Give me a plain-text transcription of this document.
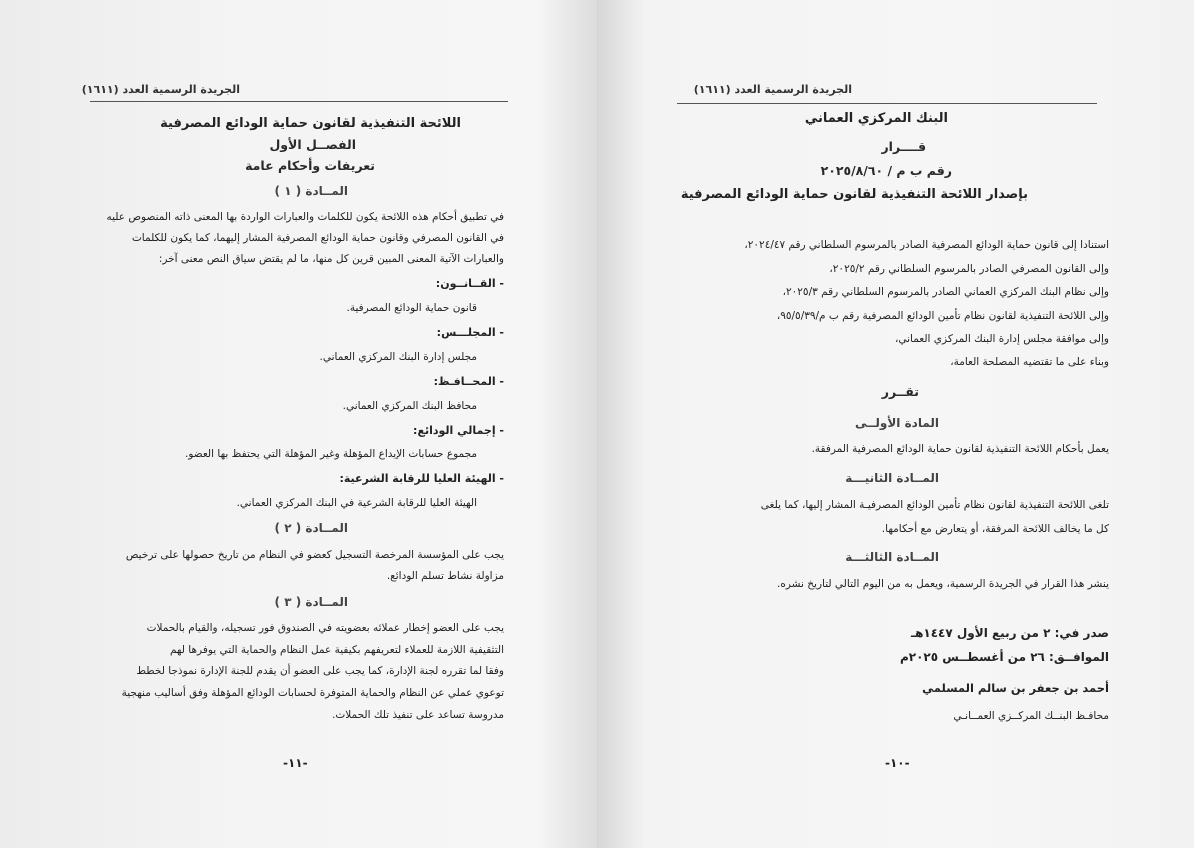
الجريدة الرسمية العدد (١٦١١)
اللائحة التنفيذية لقانون حماية الودائع المصرفية
الفصــل الأول
تعريفات وأحكام عامة
المــادة ( ١ )
في تطبيق أحكام هذه اللائحة يكون للكلمات والعبارات الواردة بها المعنى ذاته المنصوص عليه
في القانون المصرفي وقانون حماية الودائع المصرفية المشار إليهما، كما يكون للكلمات
والعبارات الآتية المعنى المبين قرين كل منها، ما لم يقتض سياق النص معنى آخر:
- القــانــون:
قانون حماية الودائع المصرفية.
- المجلـــس:
مجلس إدارة البنك المركزي العماني.
- المحــافـظ:
محافظ البنك المركزي العماني.
- إجمالي الودائع:
مجموع حسابات الإيداع المؤهلة وغير المؤهلة التي يحتفظ بها العضو.
- الهيئة العليا للرقابة الشرعية:
الهيئة العليا للرقابة الشرعية في البنك المركزي العماني.
المــادة ( ٢ )
يجب على المؤسسة المرخصة التسجيل كعضو في النظام من تاريخ حصولها على ترخيص
مزاولة نشاط تسلم الودائع.
المــادة ( ٣ )
يجب على العضو إخطار عملائه بعضويته في الصندوق فور تسجيله، والقيام بالحملات
التثقيفية اللازمة للعملاء لتعريفهم بكيفية عمل النظام والحماية التي يوفرها لهم
وفقا لما تقرره لجنة الإدارة، كما يجب على العضو أن يقدم للجنة الإدارة نموذجا لخطط
توعوي عملي عن النظام والحماية المتوفرة لحسابات الودائع المؤهلة وفق أساليب منهجية
مدروسة تساعد على تنفيذ تلك الحملات.
-١١-
الجريدة الرسمية العدد (١٦١١)
البنك المركزي العماني
قــــرار
رقم ب م / ٢٠٢٥/٨/٦٠
بإصدار اللائحة التنفيذية لقانون حماية الودائع المصرفية
استنادا إلى قانون حماية الودائع المصرفية الصادر بالمرسوم السلطاني رقم ٢٠٢٤/٤٧،
وإلى القانون المصرفي الصادر بالمرسوم السلطاني رقم ٢٠٢٥/٢،
وإلى نظام البنك المركزي العماني الصادر بالمرسوم السلطاني رقم ٢٠٢٥/٣،
وإلى اللائحة التنفيذية لقانون نظام تأمين الودائع المصرفية رقم ب م/٩٥/٥/٣٩،
وإلى موافقة مجلس إدارة البنك المركزي العماني،
وبناء على ما تقتضيه المصلحة العامة،
تقــرر
المادة الأولــى
يعمل بأحكام اللائحة التنفيذية لقانون حماية الودائع المصرفية المرفقة.
المــادة الثانيـــة
تلغى اللائحة التنفيذية لقانون نظام تأمين الودائع المصرفيـة المشار إليها، كما يلغى
كل ما يخالف اللائحة المرفقة، أو يتعارض مع أحكامها.
المــادة الثالثـــة
ينشر هذا القرار في الجريدة الرسمية، ويعمل به من اليوم التالي لتاريخ نشره.
صدر في: ٢ من ربيع الأول ١٤٤٧هـ
الموافــق: ٢٦ من أغسطــس ٢٠٢٥م
أحمد بن جعفر بن سالم المسلمي
محافـظ البنــك المركــزي العمــانـي
-١٠-
